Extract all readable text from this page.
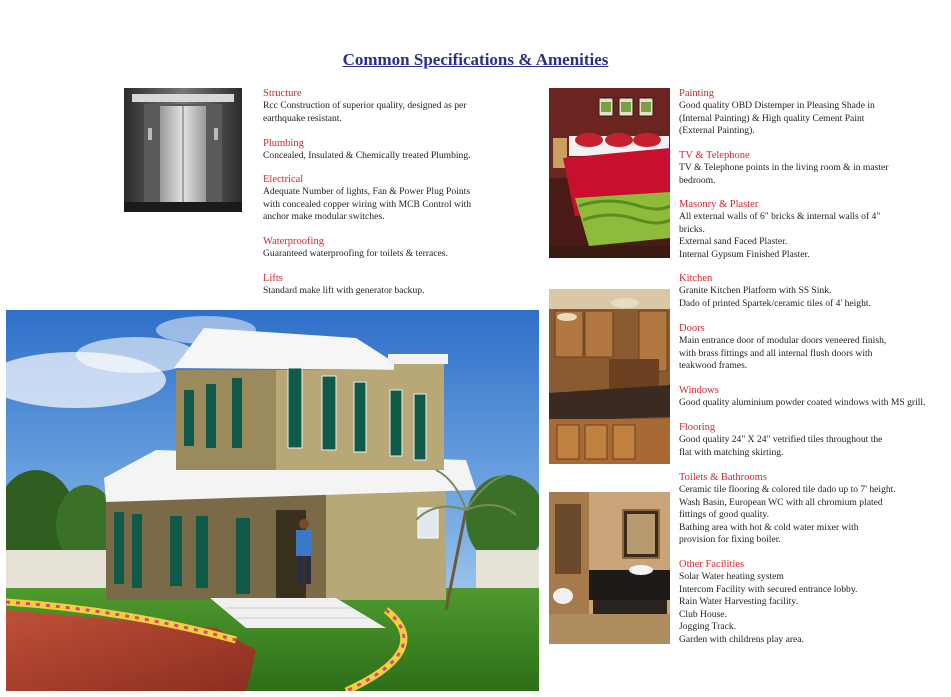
Common Specifications & Amenities
Structure
Rcc Construction of superior quality, designed as per
earthquake resistant.
Plumbing
Concealed, Insulated & Chemically treated Plumbing.
Electrical
Adequate Number of lights, Fan & Power Plug Points
with concealed copper wiring with MCB Control with
anchor make modular switches.
Waterproofing
Guaranteed waterproofing for toilets & terraces.
Lifts
Standard make lift with generator backup.
Painting
Good quality OBD Distemper in Pleasing Shade in
(Internal Painting) & High quality Cement Paint
(External Painting).
TV & Telephone
TV & Telephone points in the living room & in master
bedroom.
Masonry & Plaster
All external walls of 6" bricks & internal walls of 4"
bricks.
External sand Faced Plaster.
Internal Gypsum Finished Plaster.
Kitchen
Granite Kitchen Platform with SS Sink.
Dado of printed Spartek/ceramic tiles of 4' height.
Doors
Main entrance door of modular doors veneered finish,
with brass fittings and all internal flush doors with
teakwood frames.
Windows
Good quality aluminium powder coated windows with MS grill.
Flooring
Good quality 24" X 24" vetrified tiles throughout the
flat with matching skirting.
Toilets & Bathrooms
Ceramic tile flooring & colored tile dado up to 7' height.
Wash Basin, European WC with all chromium plated
fittings of good quality.
Bathing area with hot & cold water mixer with
provision for fixing boiler.
Other Facilities
Solar Water heating system
Intercom Facility with secured entrance lobby.
Rain Water Harvesting facility.
Club House.
Jogging Track.
Garden with childrens play area.
